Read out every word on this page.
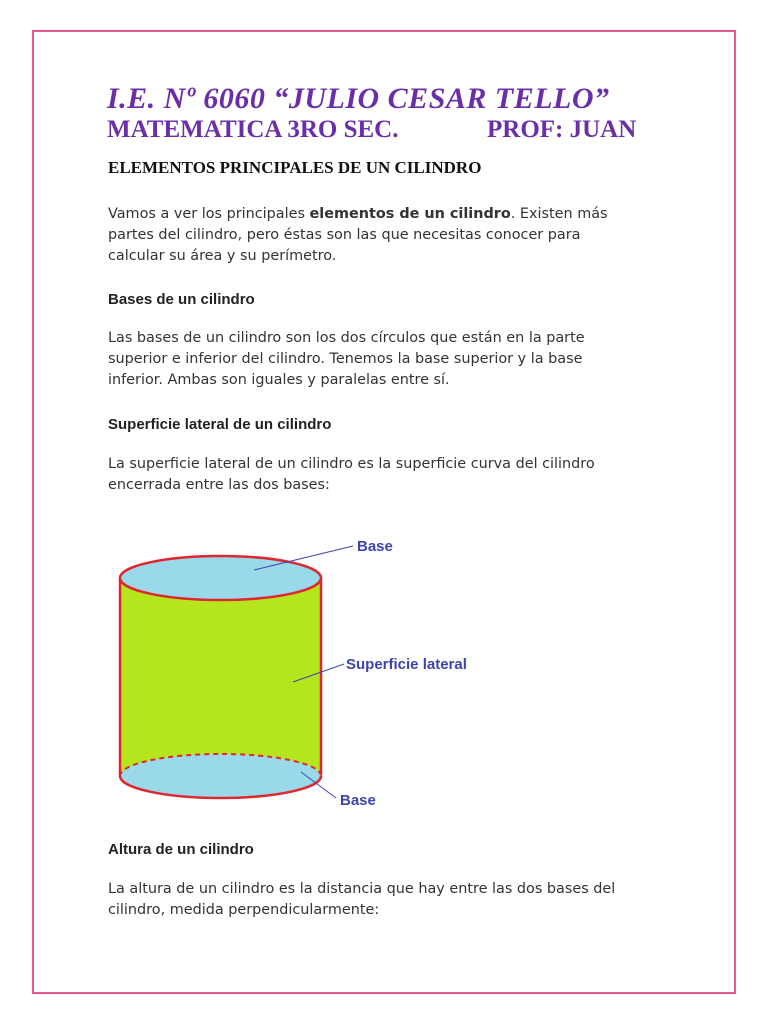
I.E. Nº 6060 “JULIO CESAR TELLO”
MATEMATICA 3RO SEC.	PROF: JUAN
ELEMENTOS PRINCIPALES DE UN CILINDRO

Vamos a ver los principales elementos de un cilindro. Existen más partes del cilindro, pero éstas son las que necesitas conocer para calcular su área y su perímetro.

Bases de un cilindro

Las bases de un cilindro son los dos círculos que están en la parte superior e inferior del cilindro. Tenemos la base superior y la base inferior. Ambas son iguales y paralelas entre sí.

Superficie lateral de un cilindro

La superficie lateral de un cilindro es la superficie curva del cilindro encerrada entre las dos bases:

Base
Superficie lateral
Base
Altura de un cilindro

La altura de un cilindro es la distancia que hay entre las dos bases del cilindro, medida perpendicularmente:
